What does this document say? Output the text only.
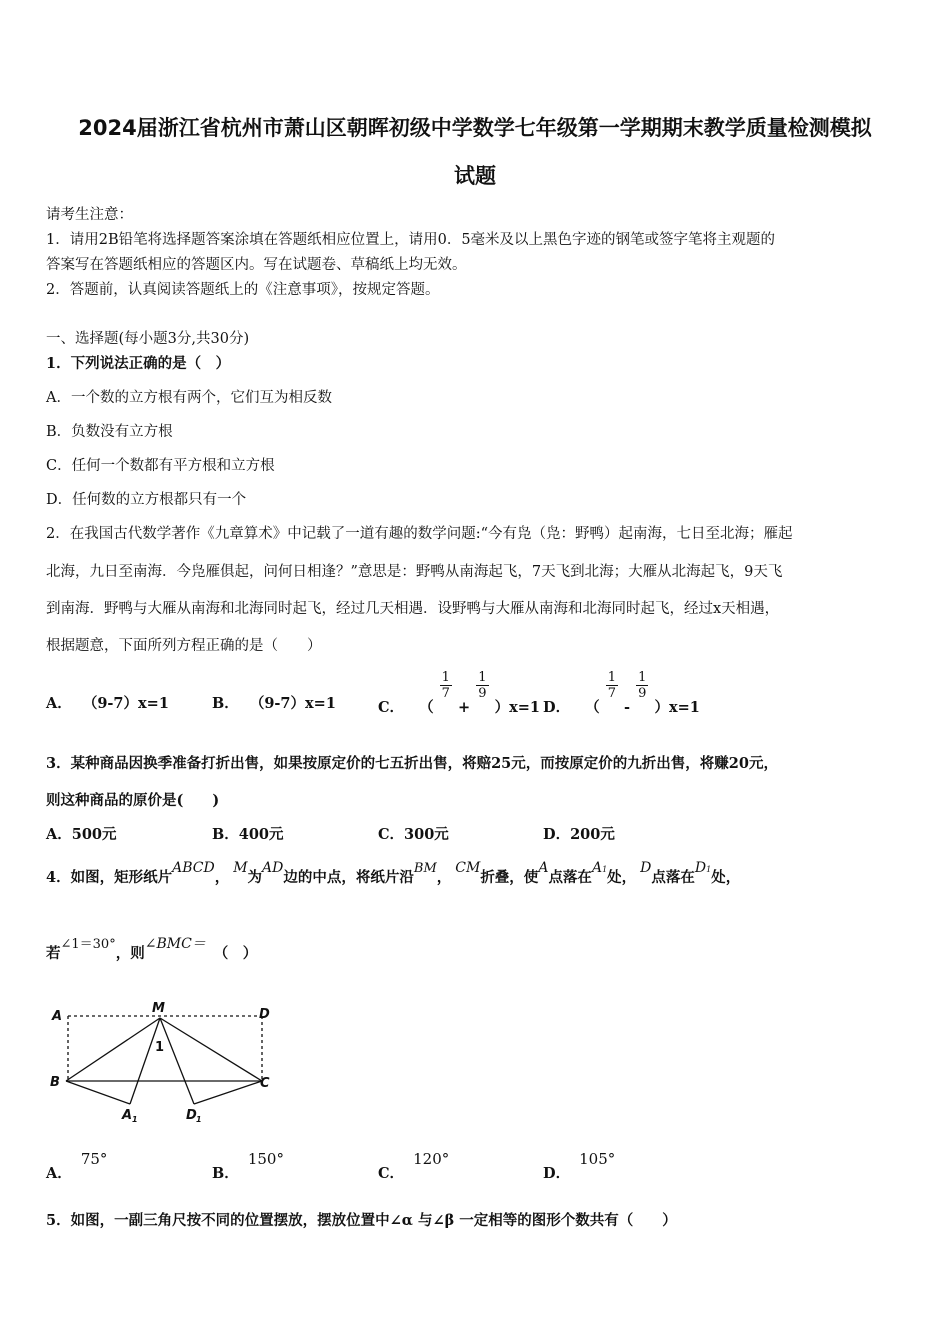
2024届浙江省杭州市萧山区朝晖初级中学数学七年级第一学期期末教学质量检测模拟
试题
请考生注意：
1．请用2B铅笔将选择题答案涂填在答题纸相应位置上，请用0．5毫米及以上黑色字迹的钢笔或签字笔将主观题的
答案写在答题纸相应的答题区内。写在试题卷、草稿纸上均无效。
2．答题前，认真阅读答题纸上的《注意事项》，按规定答题。
一、选择题(每小题3分,共30分)
1．下列说法正确的是（　）
A．一个数的立方根有两个，它们互为相反数
B．负数没有立方根
C．任何一个数都有平方根和立方根
D．任何数的立方根都只有一个
2．在我国古代数学著作《九章算术》中记载了一道有趣的数学问题:“今有凫（凫：野鸭）起南海，七日至北海；雁起
北海，九日至南海．今凫雁俱起，问何日相逢？”意思是：野鸭从南海起飞，7天飞到北海；大雁从北海起飞，9天飞
到南海．野鸭与大雁从南海和北海同时起飞，经过几天相遇．设野鸭与大雁从南海和北海同时起飞，经过x天相遇，
根据题意，下面所列方程正确的是（　　）
A． （9-7）x=1	B． （9-7）x=1	C． （
$\frac{1}{7}$
+
$\frac{1}{9}$
）x=1 D． （
$\frac{1}{7}$
-
$\frac{1}{9}$
）x=1
3．某种商品因换季准备打折出售，如果按原定价的七五折出售，将赔25元，而按原定价的九折出售，将赚20元，
则这种商品的原价是(　　)
A．500元	B．400元	C．300元	D．200元
4．如图，矩形纸片ABCD，M为AD边的中点，将纸片沿BM，CM折叠，使A点落在A1处，D点落在D1处，
若∠1＝30°，则∠BMC＝（　）
A
M	D
B	C
1
A 1	D 1
A． 75°
B． 150°
C． 120°
D． 105°
5．如图，一副三角尺按不同的位置摆放，摆放位置中∠α 与∠β 一定相等的图形个数共有（　　）
